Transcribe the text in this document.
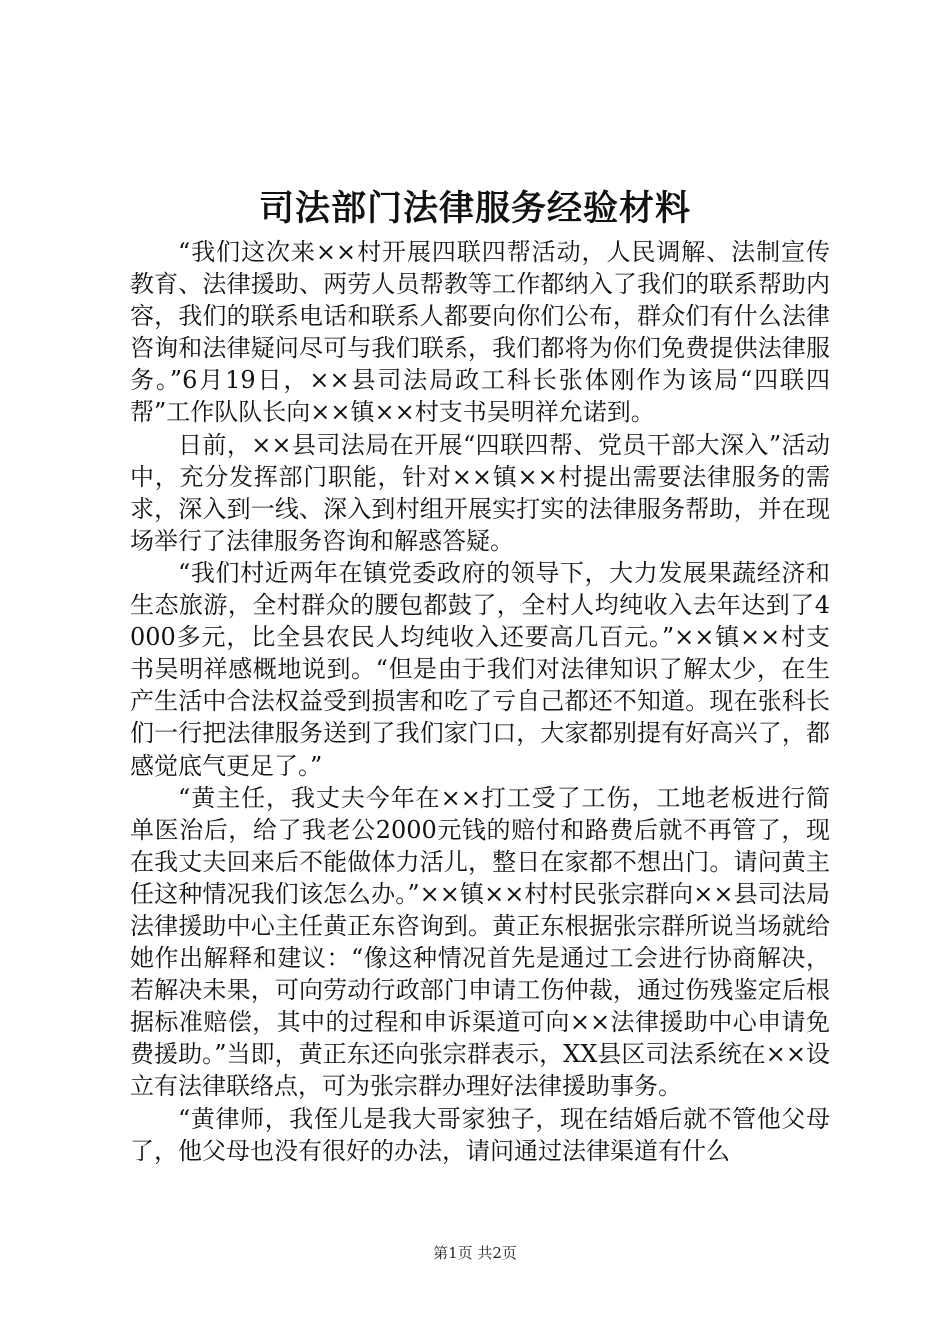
司法部门法律服务经验材料

“我们这次来××村开展四联四帮活动，人民调解、法制宣传教育、法律援助、两劳人员帮教等工作都纳入了我们的联系帮助内容，我们的联系电话和联系人都要向你们公布，群众们有什么法律咨询和法律疑问尽可与我们联系，我们都将为你们免费提供法律服务。”6月19日，××县司法局政工科长张体刚作为该局“四联四帮”工作队队长向××镇××村支书吴明祥允诺到。

日前，××县司法局在开展“四联四帮、党员干部大深入”活动中，充分发挥部门职能，针对××镇××村提出需要法律服务的需求，深入到一线、深入到村组开展实打实的法律服务帮助，并在现场举行了法律服务咨询和解惑答疑。

“我们村近两年在镇党委政府的领导下，大力发展果蔬经济和生态旅游，全村群众的腰包都鼓了，全村人均纯收入去年达到了4000多元，比全县农民人均纯收入还要高几百元。”××镇××村支书吴明祥感概地说到。“但是由于我们对法律知识了解太少，在生产生活中合法权益受到损害和吃了亏自己都还不知道。现在张科长们一行把法律服务送到了我们家门口，大家都别提有好高兴了，都感觉底气更足了。”

“黄主任，我丈夫今年在××打工受了工伤，工地老板进行简单医治后，给了我老公2000元钱的赔付和路费后就不再管了，现在我丈夫回来后不能做体力活儿，整日在家都不想出门。请问黄主任这种情况我们该怎么办。”××镇××村村民张宗群向××县司法局法律援助中心主任黄正东咨询到。黄正东根据张宗群所说当场就给她作出解释和建议：“像这种情况首先是通过工会进行协商解决，若解决未果，可向劳动行政部门申请工伤仲裁，通过伤残鉴定后根据标准赔偿，其中的过程和申诉渠道可向××法律援助中心申请免费援助。”当即，黄正东还向张宗群表示，XX县区司法系统在××设立有法律联络点，可为张宗群办理好法律援助事务。

“黄律师，我侄儿是我大哥家独子，现在结婚后就不管他父母了，他父母也没有很好的办法，请问通过法律渠道有什么

第1页 共2页
